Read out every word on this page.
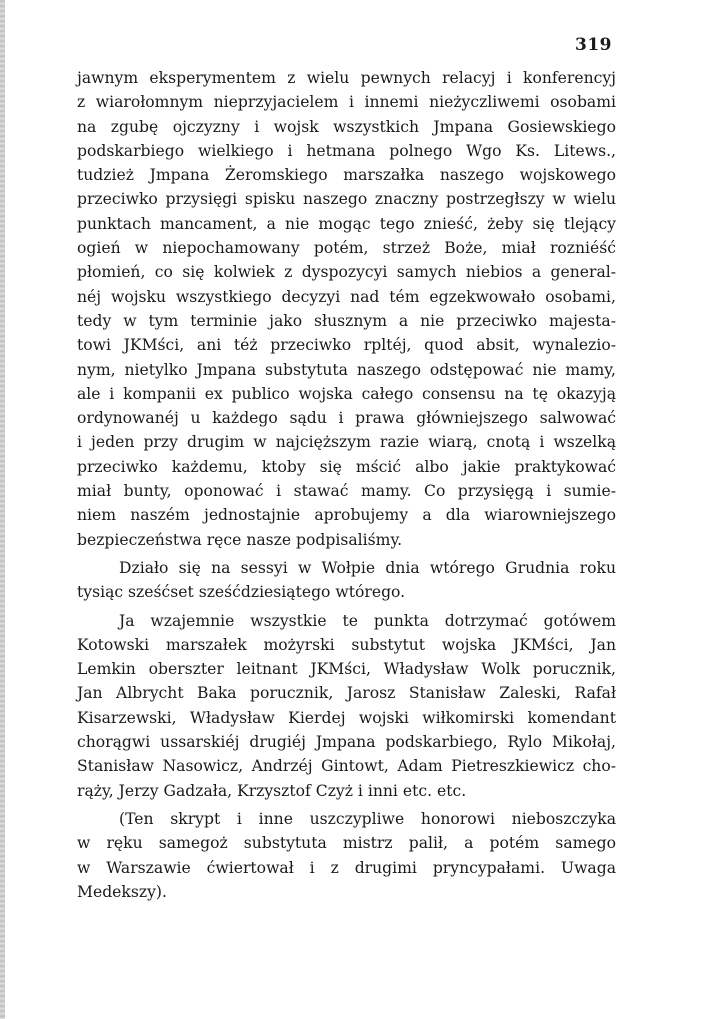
319

jawnym eksperymentem z wielu pewnych relacyj i konferencyj
z wiarołomnym nieprzyjacielem i innemi nieżyczliwemi osobami
na zgubę ojczyzny i wojsk wszystkich Jmpana Gosiewskiego
podskarbiego wielkiego i hetmana polnego Wgo Ks. Litews.,
tudzież Jmpana Żeromskiego marszałka naszego wojskowego
przeciwko przysięgi spisku naszego znaczny postrzegłszy w wielu
punktach mancament, a nie mogąc tego znieść, żeby się tlejący
ogień w niepochamowany potém, strzeż Boże, miał rozniéść
płomień, co się kolwiek z dyspozycyi samych niebios a general-
néj wojsku wszystkiego decyzyi nad tém egzekwowało osobami,
tedy w tym terminie jako słusznym a nie przeciwko majesta-
towi JKMści, ani téż przeciwko rpltéj, quod absit, wynalezio-
nym, nietylko Jmpana substytuta naszego odstępować nie mamy,
ale i kompanii ex publico wojska całego consensu na tę okazyją
ordynowanéj u każdego sądu i prawa główniejszego salwować
i jeden przy drugim w najcięższym razie wiarą, cnotą i wszelką
przeciwko każdemu, ktoby się mścić albo jakie praktykować
miał bunty, oponować i stawać mamy. Co przysięgą i sumie-
niem naszém jednostajnie aprobujemy a dla wiarowniejszego
bezpieczeństwa ręce nasze podpisaliśmy.

Działo się na sessyi w Wołpie dnia wtórego Grudnia roku
tysiąc sześćset sześćdziesiątego wtórego.

Ja wzajemnie wszystkie te punkta dotrzymać gotówem
Kotowski marszałek możyrski substytut wojska JKMści, Jan
Lemkin oberszter leitnant JKMści, Władysław Wolk porucznik,
Jan Albrycht Baka porucznik, Jarosz Stanisław Zaleski, Rafał
Kisarzewski, Władysław Kierdej wojski wiłkomirski komendant
chorągwi ussarskiéj drugiéj Jmpana podskarbiego, Rylo Mikołaj,
Stanisław Nasowicz, Andrzéj Gintowt, Adam Pietreszkiewicz cho-
rąży, Jerzy Gadzała, Krzysztof Czyż i inni etc. etc.

(Ten skrypt i inne uszczypliwe honorowi nieboszczyka
w ręku samegoż substytuta mistrz palił, a potém samego
w Warszawie ćwiertował i z drugimi pryncypałami. Uwaga
Medekszy).
